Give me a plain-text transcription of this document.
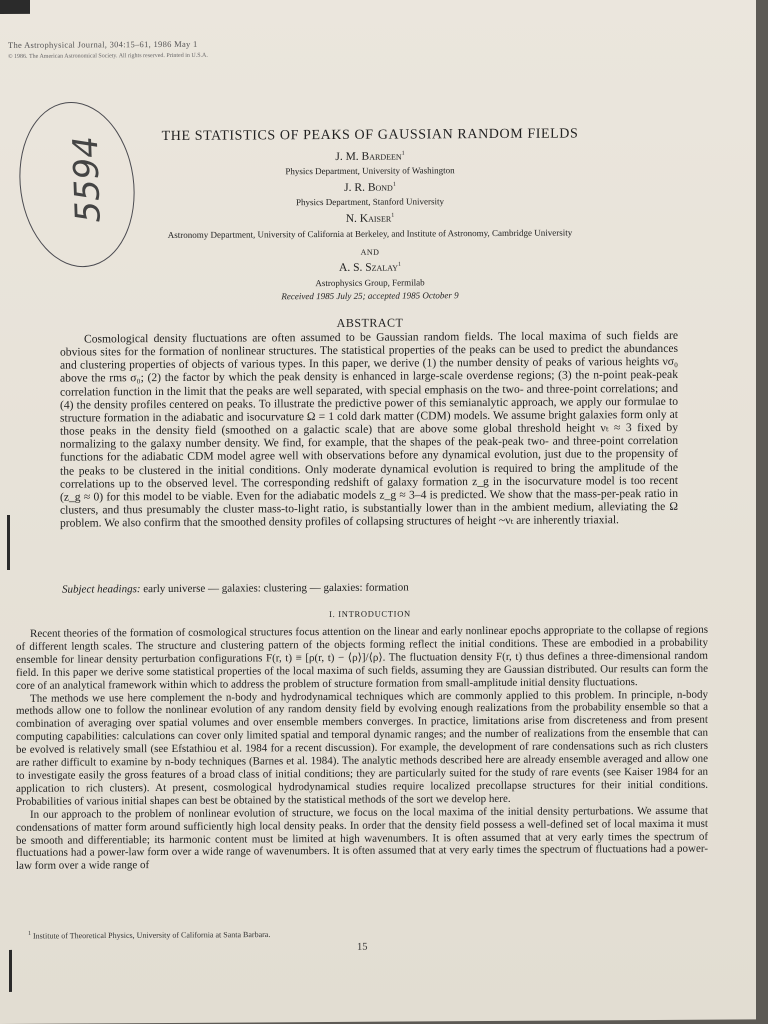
The Astrophysical Journal, 304:15–61, 1986 May 1
© 1986. The American Astronomical Society. All rights reserved. Printed in U.S.A.
5594
THE STATISTICS OF PEAKS OF GAUSSIAN RANDOM FIELDS
J. M. Bardeen$^1$
Physics Department, University of Washington
J. R. Bond$^1$
Physics Department, Stanford University
N. Kaiser$^1$
Astronomy Department, University of California at Berkeley, and Institute of Astronomy, Cambridge University
AND
A. S. Szalay$^1$
Astrophysics Group, Fermilab
Received 1985 July 25; accepted 1985 October 9
ABSTRACT
Cosmological density fluctuations are often assumed to be Gaussian random fields. The local maxima of such fields are obvious sites for the formation of nonlinear structures. The statistical properties of the peaks can be used to predict the abundances and clustering properties of objects of various types. In this paper, we derive (1) the number density of peaks of various heights νσ₀ above the rms σ₀; (2) the factor by which the peak density is enhanced in large-scale overdense regions; (3) the n-point peak-peak correlation function in the limit that the peaks are well separated, with special emphasis on the two- and three-point correlations; and (4) the density profiles centered on peaks. To illustrate the predictive power of this semianalytic approach, we apply our formulae to structure formation in the adiabatic and isocurvature Ω = 1 cold dark matter (CDM) models. We assume bright galaxies form only at those peaks in the density field (smoothed on a galactic scale) that are above some global threshold height νₜ ≈ 3 fixed by normalizing to the galaxy number density. We find, for example, that the shapes of the peak-peak two- and three-point correlation functions for the adiabatic CDM model agree well with observations before any dynamical evolution, just due to the propensity of the peaks to be clustered in the initial conditions. Only moderate dynamical evolution is required to bring the amplitude of the correlations up to the observed level. The corresponding redshift of galaxy formation z_g in the isocurvature model is too recent (z_g ≈ 0) for this model to be viable. Even for the adiabatic models z_g ≈ 3–4 is predicted. We show that the mass-per-peak ratio in clusters, and thus presumably the cluster mass-to-light ratio, is substantially lower than in the ambient medium, alleviating the Ω problem. We also confirm that the smoothed density profiles of collapsing structures of height ~νₜ are inherently triaxial.
Subject headings: early universe — galaxies: clustering — galaxies: formation
I. INTRODUCTION

Recent theories of the formation of cosmological structures focus attention on the linear and early nonlinear epochs appropriate to the collapse of regions of different length scales. The structure and clustering pattern of the objects forming reflect the initial conditions. These are embodied in a probability ensemble for linear density perturbation configurations F(r, t) ≡ [ρ(r, t) − ⟨ρ⟩]/⟨ρ⟩. The fluctuation density F(r, t) thus defines a three-dimensional random field. In this paper we derive some statistical properties of the local maxima of such fields, assuming they are Gaussian distributed. Our results can form the core of an analytical framework within which to address the problem of structure formation from small-amplitude initial density fluctuations.

The methods we use here complement the n-body and hydrodynamical techniques which are commonly applied to this problem. In principle, n-body methods allow one to follow the nonlinear evolution of any random density field by evolving enough realizations from the probability ensemble so that a combination of averaging over spatial volumes and over ensemble members converges. In practice, limitations arise from discreteness and from present computing capabilities: calculations can cover only limited spatial and temporal dynamic ranges; and the number of realizations from the ensemble that can be evolved is relatively small (see Efstathiou et al. 1984 for a recent discussion). For example, the development of rare condensations such as rich clusters are rather difficult to examine by n-body techniques (Barnes et al. 1984). The analytic methods described here are already ensemble averaged and allow one to investigate easily the gross features of a broad class of initial conditions; they are particularly suited for the study of rare events (see Kaiser 1984 for an application to rich clusters). At present, cosmological hydrodynamical studies require localized precollapse structures for their initial conditions. Probabilities of various initial shapes can best be obtained by the statistical methods of the sort we develop here.

In our approach to the problem of nonlinear evolution of structure, we focus on the local maxima of the initial density perturbations. We assume that condensations of matter form around sufficiently high local density peaks. In order that the density field possess a well-defined set of local maxima it must be smooth and differentiable; its harmonic content must be limited at high wavenumbers. It is often assumed that at very early times the spectrum of fluctuations had a power-law form over a wide range of wavenumbers. It is often assumed that at very early times the spectrum of fluctuations had a power-law form over a wide range of

$^1$ Institute of Theoretical Physics, University of California at Santa Barbara.
15
